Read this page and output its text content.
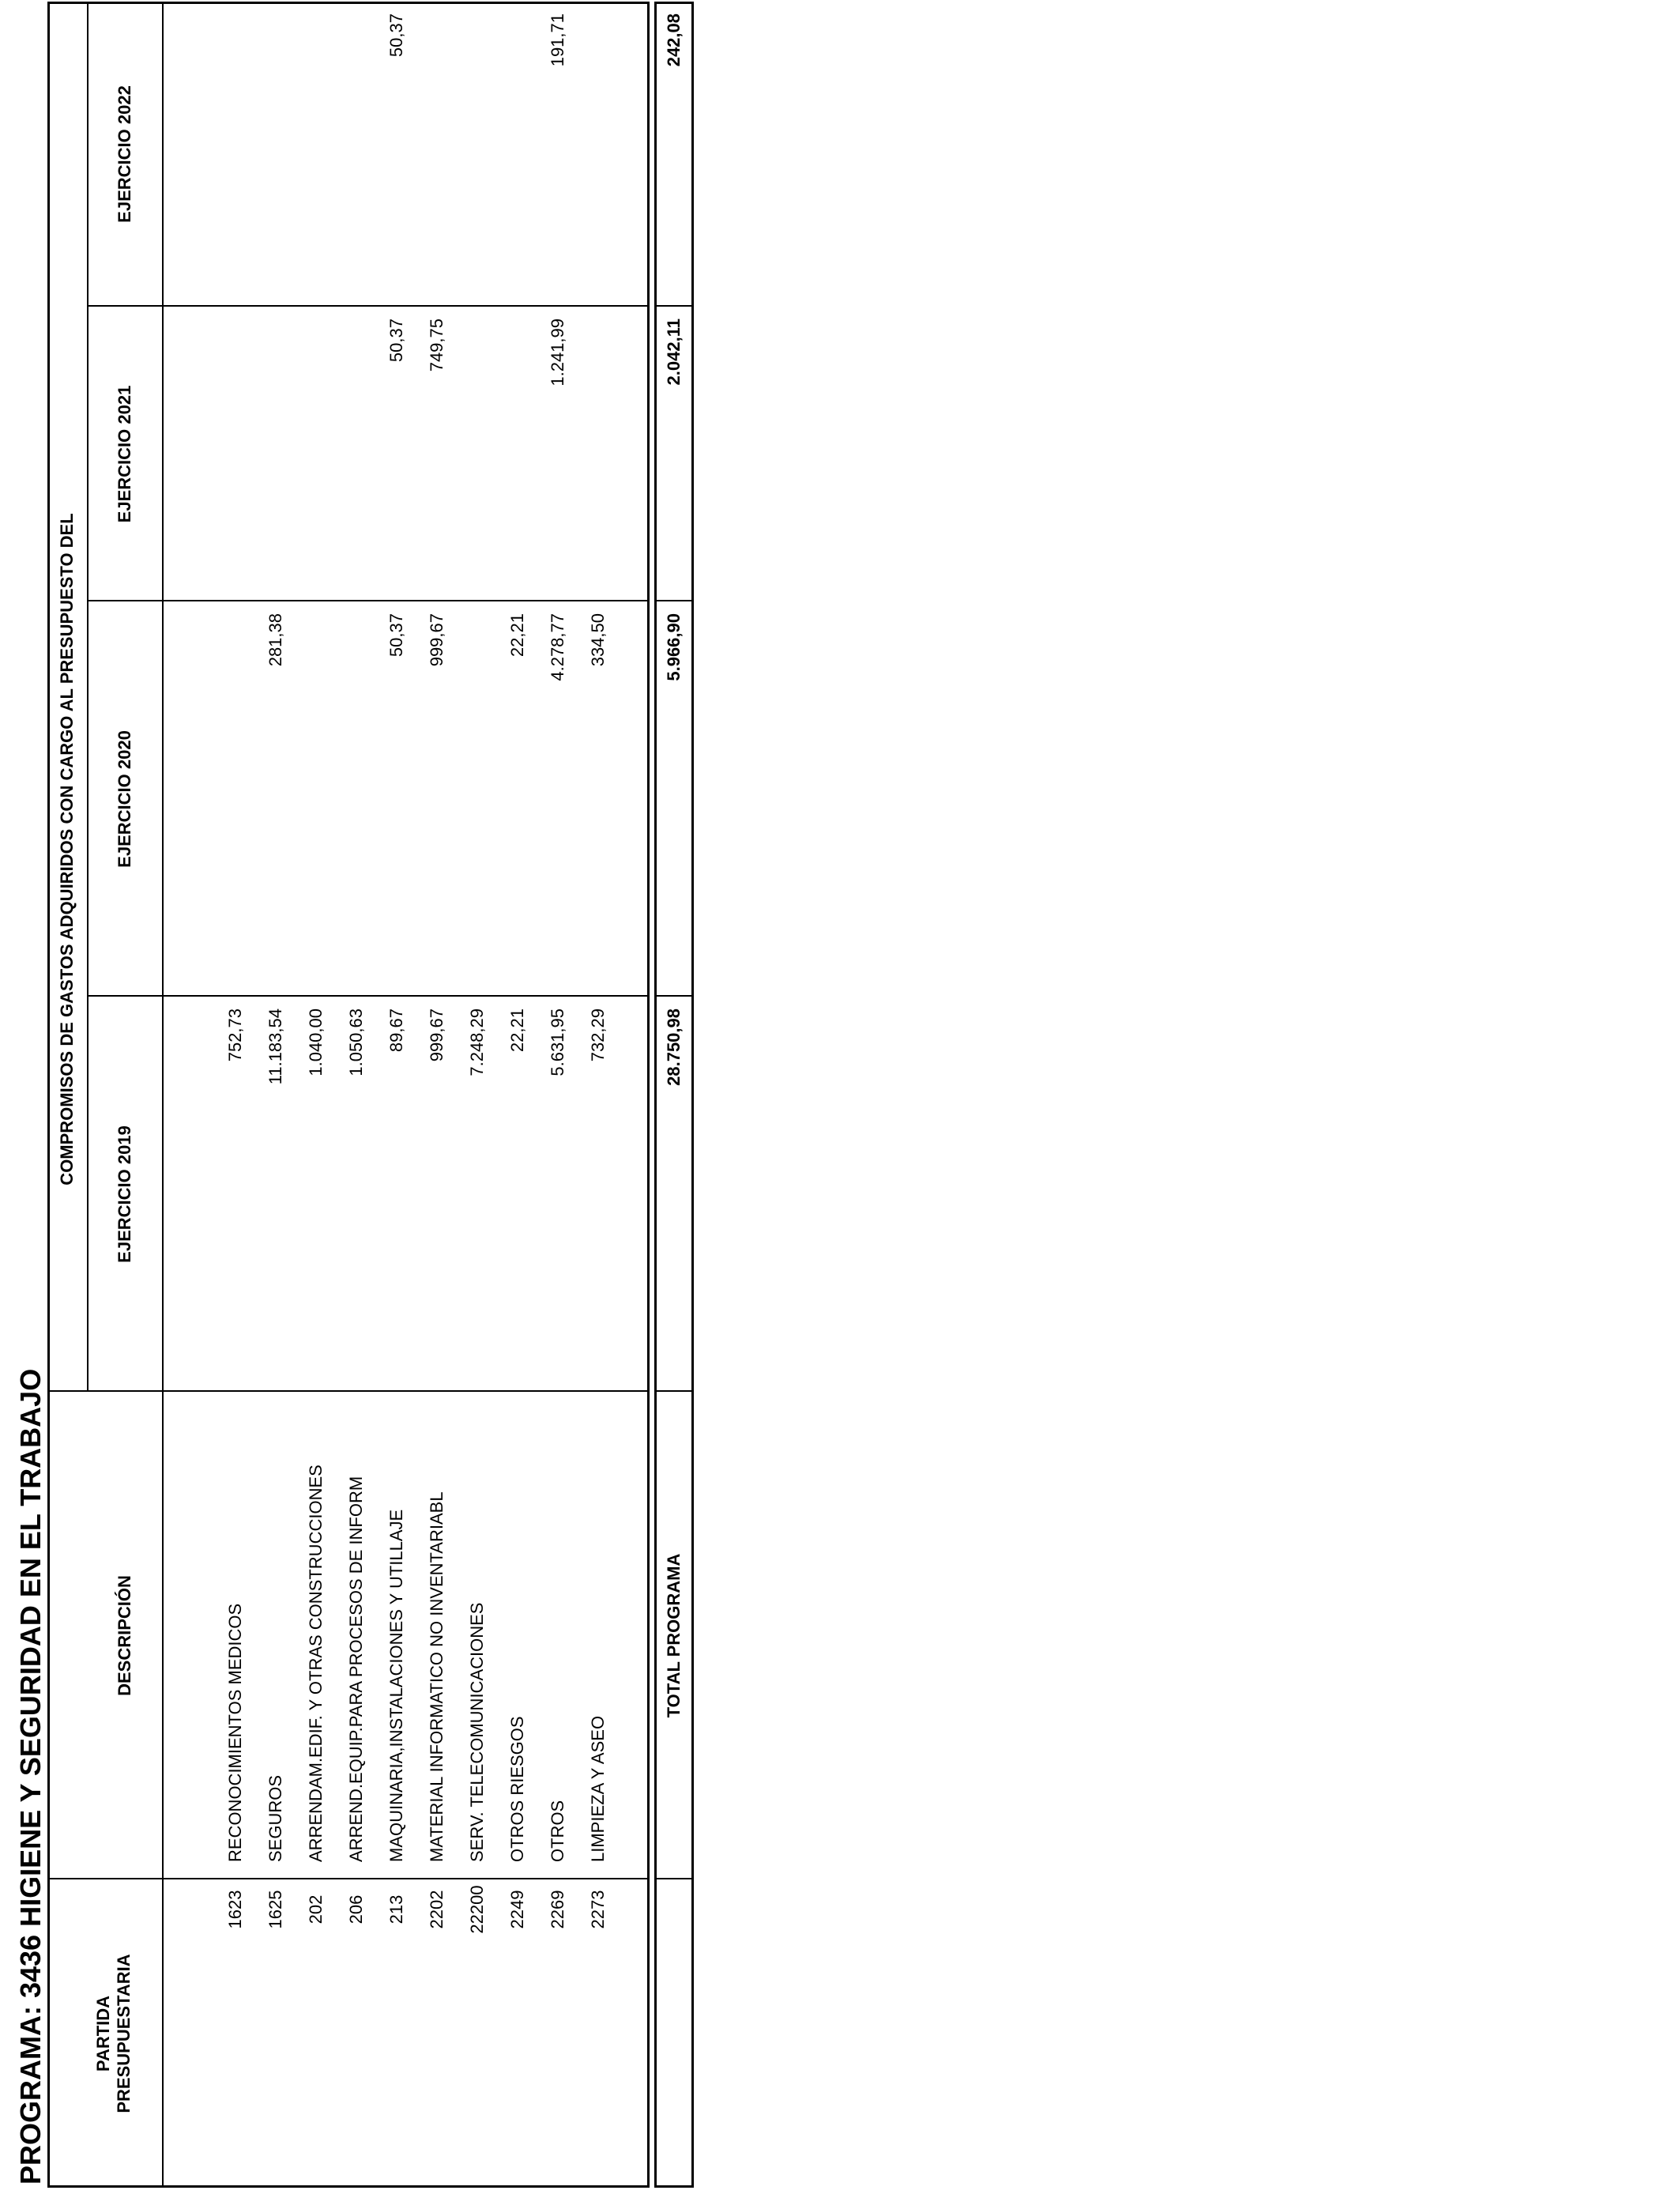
PROGRAMA: 3436 HIGIENE Y SEGURIDAD EN EL TRABAJO	PARTIDA PRESUPUESTARIA
DESCRIPCIÓN
COMPROMISOS DE GASTOS ADQUIRIDOS CON CARGO AL PRESUPUESTO DEL
EJERCICIO 2019
EJERCICIO 2020
EJERCICIO 2021
EJERCICIO 2022
1623
RECONOCIMIENTOS MEDICOS
752,73
1625
SEGUROS
11.183,54
281,38
202
ARRENDAM.EDIF. Y OTRAS CONSTRUCCIONES
1.040,00
206
ARREND.EQUIP.PARA PROCESOS DE INFORM
1.050,63
213
MAQUINARIA,INSTALACIONES Y UTILLAJE
89,67
50,37
50,37
50,37
2202
MATERIAL INFORMATICO NO INVENTARIABL
999,67
999,67
749,75
22200
SERV. TELECOMUNICACIONES
7.248,29
2249
OTROS RIESGOS
22,21
22,21
2269
OTROS
5.631,95
4.278,77
1.241,99
191,71
2273
LIMPIEZA Y ASEO
732,29
334,50
TOTAL PROGRAMA
28.750,98
5.966,90
2.042,11
242,08
